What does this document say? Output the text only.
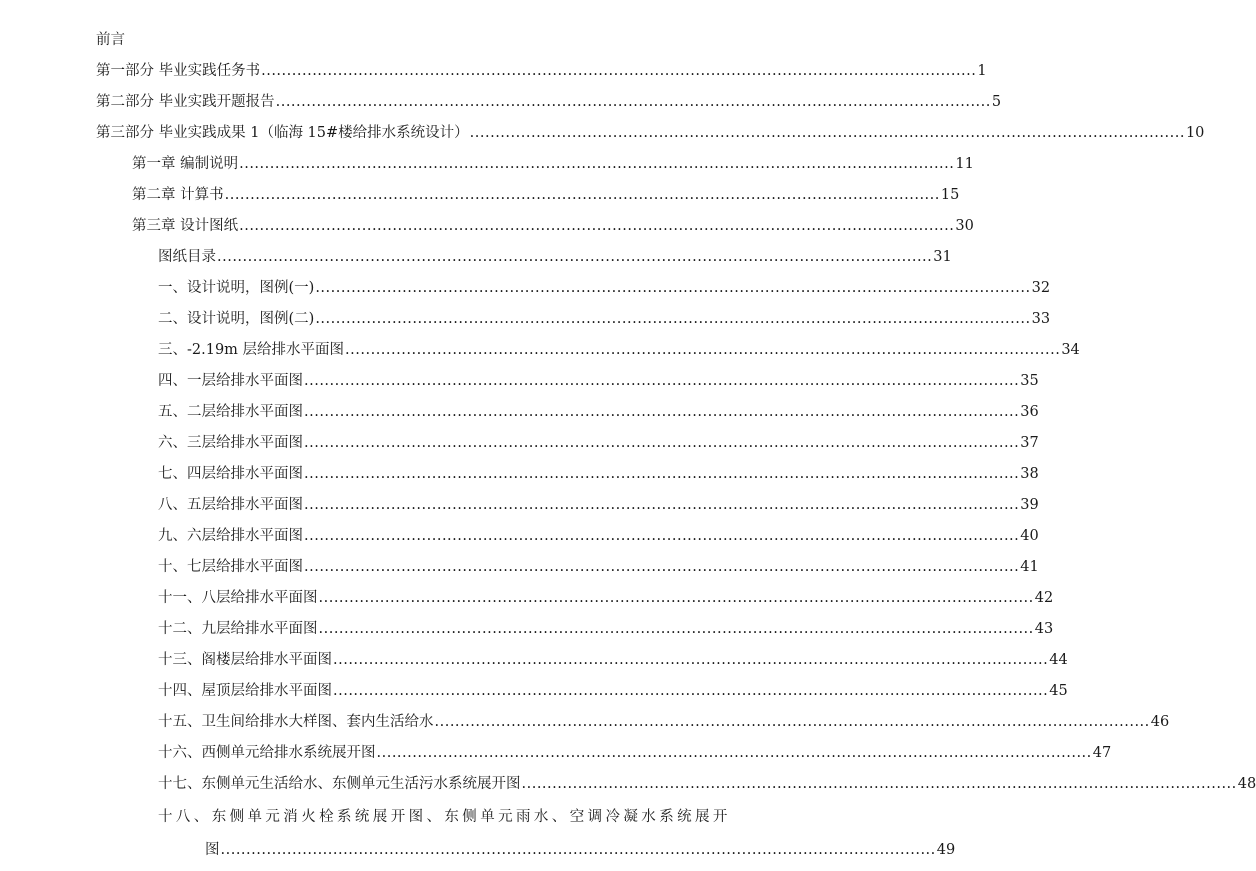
前言
第一部分 毕业实践任务书 ............................................................................................................................................ 1
第二部分 毕业实践开题报告 ............................................................................................................................................ 5
第三部分 毕业实践成果 1（临海 15#楼给排水系统设计） ............................................................................................................................................ 10
第一章 编制说明 ............................................................................................................................................ 11
第二章 计算书 ............................................................................................................................................ 15
第三章 设计图纸 ............................................................................................................................................ 30
图纸目录 ............................................................................................................................................ 31
一、设计说明，图例(一) ............................................................................................................................................ 32
二、设计说明，图例(二) ............................................................................................................................................ 33
三、-2.19m 层给排水平面图 ............................................................................................................................................ 34
四、一层给排水平面图 ............................................................................................................................................ 35
五、二层给排水平面图 ............................................................................................................................................ 36
六、三层给排水平面图 ............................................................................................................................................ 37
七、四层给排水平面图 ............................................................................................................................................ 38
八、五层给排水平面图 ............................................................................................................................................ 39
九、六层给排水平面图 ............................................................................................................................................ 40
十、七层给排水平面图 ............................................................................................................................................ 41
十一、八层给排水平面图 ............................................................................................................................................ 42
十二、九层给排水平面图 ............................................................................................................................................ 43
十三、阁楼层给排水平面图 ............................................................................................................................................ 44
十四、屋顶层给排水平面图 ............................................................................................................................................ 45
十五、卫生间给排水大样图、套内生活给水 ............................................................................................................................................ 46
十六、西侧单元给排水系统展开图 ............................................................................................................................................ 47
十七、东侧单元生活给水、东侧单元生活污水系统展开图 ............................................................................................................................................ 48
十八、东侧单元消火栓系统展开图、东侧单元雨水、空调冷凝水系统展开
图 ............................................................................................................................................ 49
